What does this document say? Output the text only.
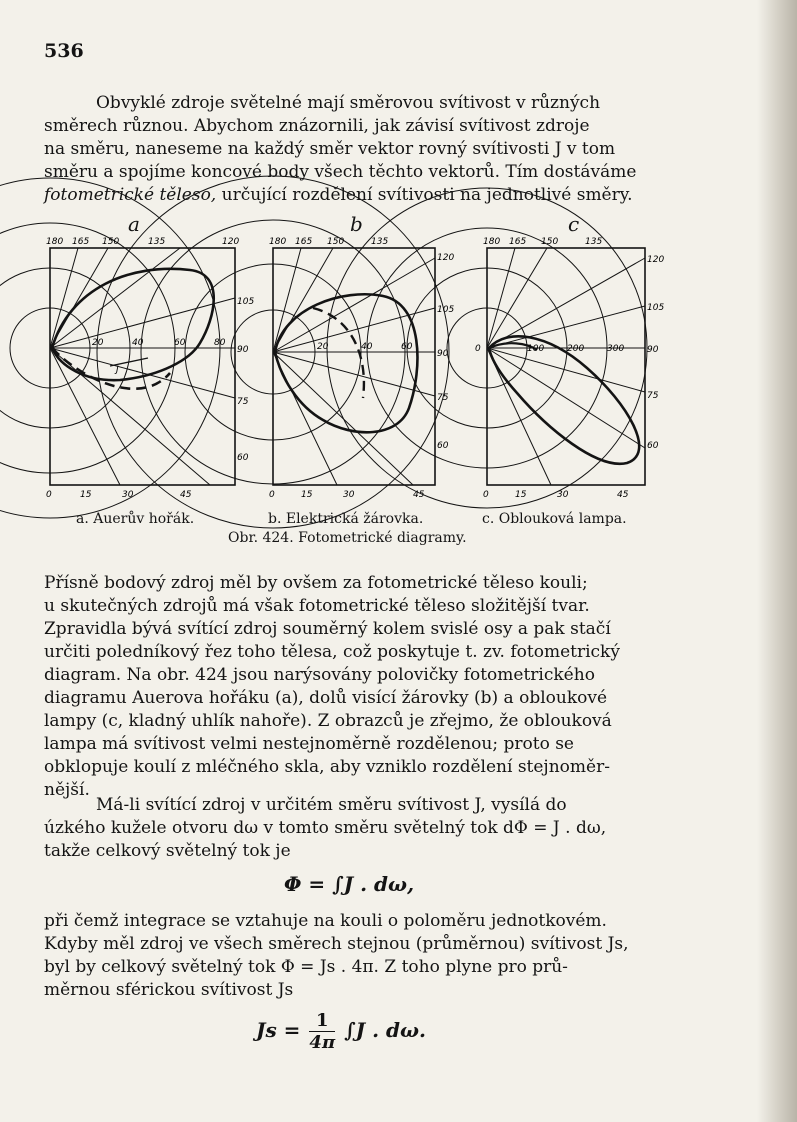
536
Obvyklé zdroje světelné mají směrovou svítivost v různých
směrech různou. Abychom znázornili, jak závisí svítivost zdroje
na směru, naneseme na každý směr vektor rovný svítivosti J v tom
směru a spojíme koncové body všech těchto vektorů. Tím dostáváme
fotometrické těleso, určující rozdělení svítivosti na jednotlivé směry.
a	b	c
J
180 165 150	135	120
105
90
75
60
0	15	30	45
20	40	60	80
180 165 150	135
120
105
90
75
60
0	15	30	45
20	40	60
180 165 150	135
120
105
90
75
60
0	15	30	45
0	100	200	300
a. Auerův hořák.	b. Elektrická žárovka.	c. Oblouková lampa.
Obr. 424. Fotometrické diagramy.
Přísně bodový zdroj měl by ovšem za fotometrické těleso kouli;
u skutečných zdrojů má však fotometrické těleso složitější tvar.
Zpravidla bývá svítící zdroj souměrný kolem svislé osy a pak stačí
určiti poledníkový řez toho tělesa, což poskytuje t. zv. fotometrický
diagram. Na obr. 424 jsou narýsovány polovičky fotometrického
diagramu Auerova hořáku (a), dolů visící žárovky (b) a obloukové
lampy (c, kladný uhlík nahoře). Z obrazců je zřejmo, že oblouková
lampa má svítivost velmi nestejnoměrně rozdělenou; proto se
obklopuje koulí z mléčného skla, aby vzniklo rozdělení stejnoměr-
nější.
Má-li svítící zdroj v určitém směru svítivost J, vysílá do
úzkého kužele otvoru dω v tomto směru světelný tok dΦ = J . dω,
takže celkový světelný tok je
Φ = ∫J . dω,
při čemž integrace se vztahuje na kouli o poloměru jednotkovém.
Kdyby měl zdroj ve všech směrech stejnou (průměrnou) svítivost Js,
byl by celkový světelný tok Φ = Js . 4π. Z toho plyne pro prů-
měrnou sférickou svítivost Js
$Js = \frac{1}{4\pi} \int J$ . dω.
